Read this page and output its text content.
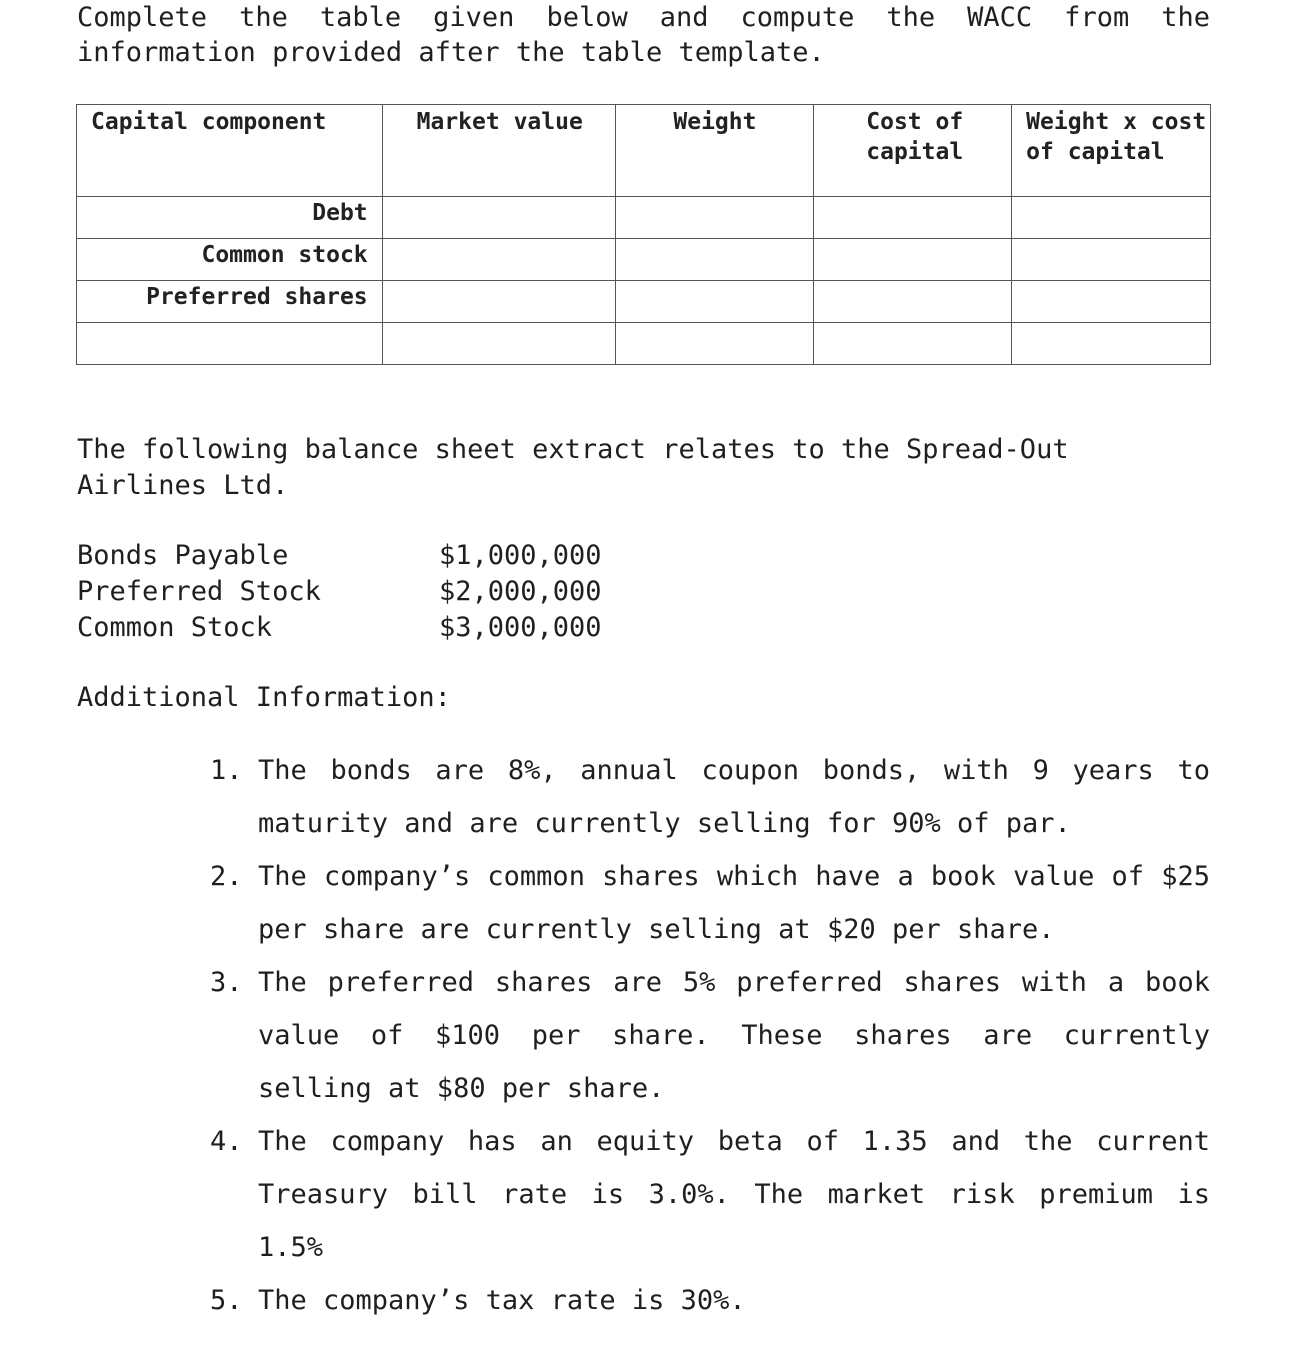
Complete the table given below and compute the WACC from the information provided after the table template.
Capital component	Market value	Weight	Cost of capital	Weight x cost of capital
Debt				
Common stock				
Preferred shares				

The following balance sheet extract relates to the Spread-Out Airlines Ltd.
Bonds Payable	$1,000,000
Preferred Stock	$2,000,000
Common Stock	$3,000,000
Additional Information:
1. The bonds are 8%, annual coupon bonds, with 9 years to maturity and are currently selling for 90% of par.
2. The company’s common shares which have a book value of $25 per share are currently selling at $20 per share.
3. The preferred shares are 5% preferred shares with a book value of $100 per share. These shares are currently selling at $80 per share.
4. The company has an equity beta of 1.35 and the current Treasury bill rate is 3.0%. The market risk premium is 1.5%
5. The company’s tax rate is 30%.
